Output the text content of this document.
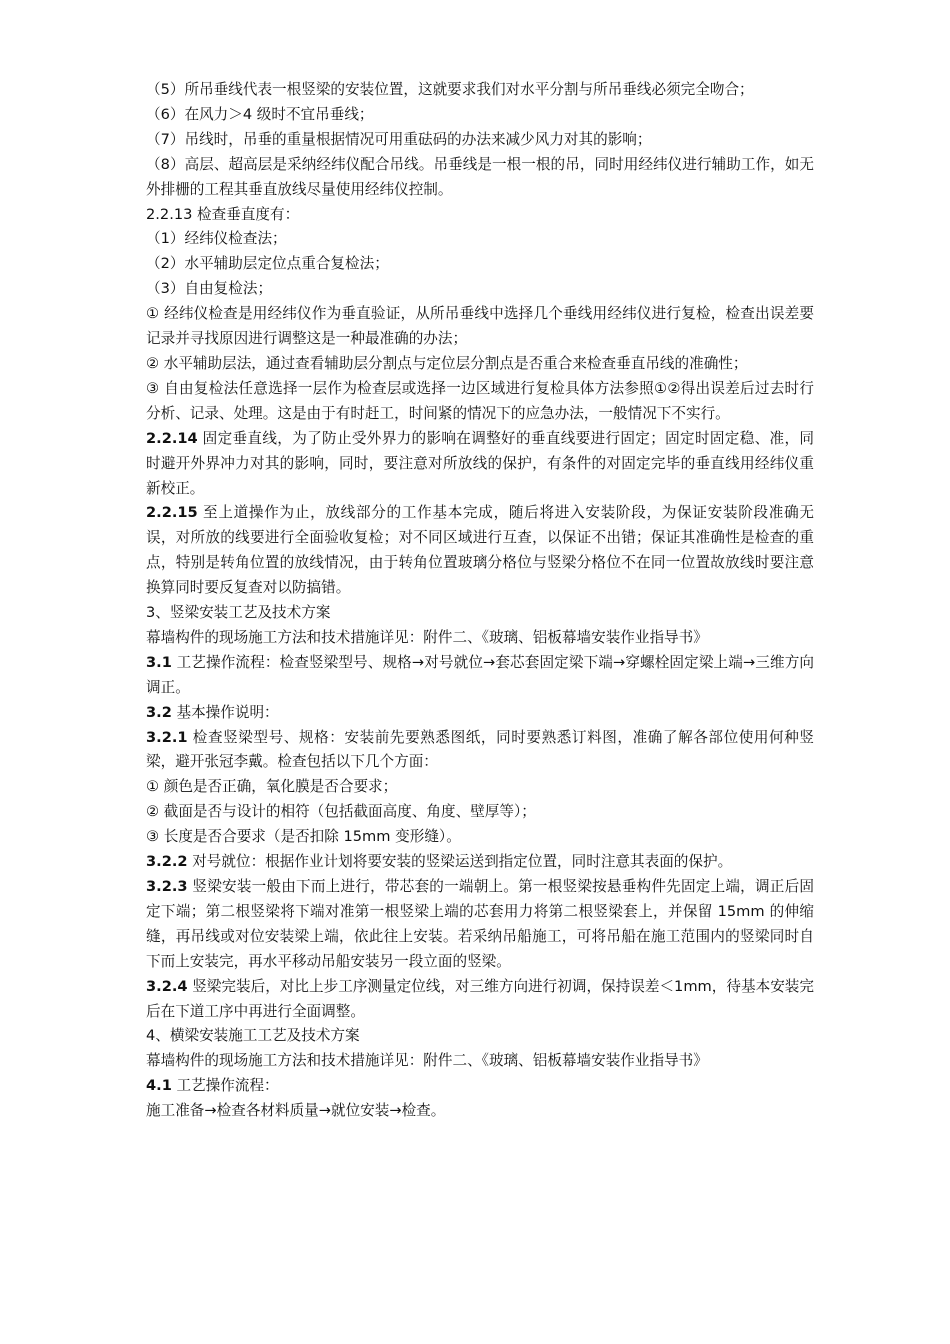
（5）所吊垂线代表一根竖梁的安装位置，这就要求我们对水平分割与所吊垂线必须完全吻合；

（6）在风力＞4 级时不宜吊垂线；

（7）吊线时，吊垂的重量根据情况可用重砝码的办法来减少风力对其的影响；

（8）高层、超高层是采纳经纬仪配合吊线。吊垂线是一根一根的吊，同时用经纬仪进行辅助工作，如无外排栅的工程其垂直放线尽量使用经纬仪控制。

2.2.13 检查垂直度有：

（1）经纬仪检查法；

（2）水平辅助层定位点重合复检法；

（3）自由复检法；

① 经纬仪检查是用经纬仪作为垂直验证，从所吊垂线中选择几个垂线用经纬仪进行复检，检查出误差要记录并寻找原因进行调整这是一种最准确的办法；

② 水平辅助层法，通过查看辅助层分割点与定位层分割点是否重合来检查垂直吊线的准确性；

③ 自由复检法任意选择一层作为检查层或选择一边区域进行复检具体方法参照①②得出误差后过去时行分析、记录、处理。这是由于有时赶工，时间紧的情况下的应急办法，一般情况下不实行。

2.2.14 固定垂直线，为了防止受外界力的影响在调整好的垂直线要进行固定；固定时固定稳、准，同时避开外界冲力对其的影响，同时，要注意对所放线的保护，有条件的对固定完毕的垂直线用经纬仪重新校正。

2.2.15 至上道操作为止，放线部分的工作基本完成，随后将进入安装阶段，为保证安装阶段准确无误，对所放的线要进行全面验收复检；对不同区域进行互查，以保证不出错；保证其准确性是检查的重点，特别是转角位置的放线情况，由于转角位置玻璃分格位与竖梁分格位不在同一位置故放线时要注意换算同时要反复查对以防搞错。

3、竖梁安装工艺及技术方案

幕墙构件的现场施工方法和技术措施详见：附件二、《玻璃、铝板幕墙安装作业指导书》

3.1 工艺操作流程：检查竖梁型号、规格→对号就位→套芯套固定梁下端→穿螺栓固定梁上端→三维方向调正。

3.2 基本操作说明：

3.2.1 检查竖梁型号、规格：安装前先要熟悉图纸，同时要熟悉订料图，准确了解各部位使用何种竖梁，避开张冠李戴。检查包括以下几个方面：

① 颜色是否正确，氧化膜是否合要求；

② 截面是否与设计的相符（包括截面高度、角度、壁厚等）；

③ 长度是否合要求（是否扣除 15mm 变形缝）。

3.2.2 对号就位：根据作业计划将要安装的竖梁运送到指定位置，同时注意其表面的保护。

3.2.3 竖梁安装一般由下而上进行，带芯套的一端朝上。第一根竖梁按悬垂构件先固定上端，调正后固定下端；第二根竖梁将下端对准第一根竖梁上端的芯套用力将第二根竖梁套上，并保留 15mm 的伸缩缝，再吊线或对位安装梁上端，依此往上安装。若采纳吊船施工，可将吊船在施工范围内的竖梁同时自下而上安装完，再水平移动吊船安装另一段立面的竖梁。

3.2.4 竖梁完装后，对比上步工序测量定位线，对三维方向进行初调，保持误差＜1mm，待基本安装完后在下道工序中再进行全面调整。

4、横梁安装施工工艺及技术方案

幕墙构件的现场施工方法和技术措施详见：附件二、《玻璃、铝板幕墙安装作业指导书》

4.1 工艺操作流程：

施工准备→检查各材料质量→就位安装→检查。
